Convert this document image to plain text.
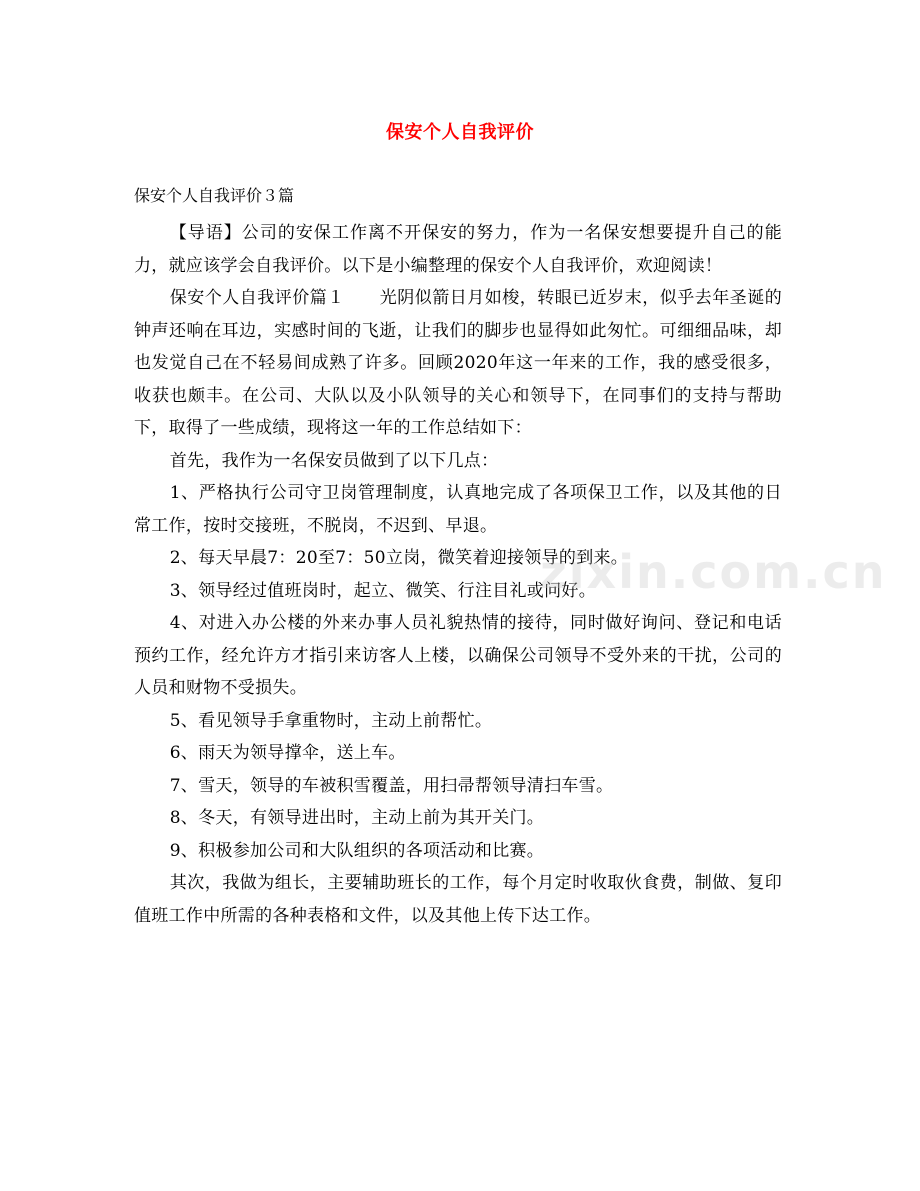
保安个人自我评价
保安个人自我评价３篇

【导语】公司的安保工作离不开保安的努力，作为一名保安想要提升自己的能力，就应该学会自我评价。以下是小编整理的保安个人自我评价，欢迎阅读！

保安个人自我评价篇１　　光阴似箭日月如梭，转眼已近岁末，似乎去年圣诞的钟声还响在耳边，实感时间的飞逝，让我们的脚步也显得如此匆忙。可细细品味，却也发觉自己在不轻易间成熟了许多。回顾2020年这一年来的工作，我的感受很多，收获也颇丰。在公司、大队以及小队领导的关心和领导下，在同事们的支持与帮助下，取得了一些成绩，现将这一年的工作总结如下：

首先，我作为一名保安员做到了以下几点：

1、严格执行公司守卫岗管理制度，认真地完成了各项保卫工作，以及其他的日常工作，按时交接班，不脱岗，不迟到、早退。

2、每天早晨7：20至7：50立岗，微笑着迎接领导的到来。

3、领导经过值班岗时，起立、微笑、行注目礼或问好。

4、对进入办公楼的外来办事人员礼貌热情的接待，同时做好询问、登记和电话预约工作，经允许方才指引来访客人上楼，以确保公司领导不受外来的干扰，公司的人员和财物不受损失。

5、看见领导手拿重物时，主动上前帮忙。

6、雨天为领导撑伞，送上车。

7、雪天，领导的车被积雪覆盖，用扫帚帮领导清扫车雪。

8、冬天，有领导进出时，主动上前为其开关门。

9、积极参加公司和大队组织的各项活动和比赛。

其次，我做为组长，主要辅助班长的工作，每个月定时收取伙食费，制做、复印值班工作中所需的各种表格和文件，以及其他上传下达工作。

zixin.com.cn
